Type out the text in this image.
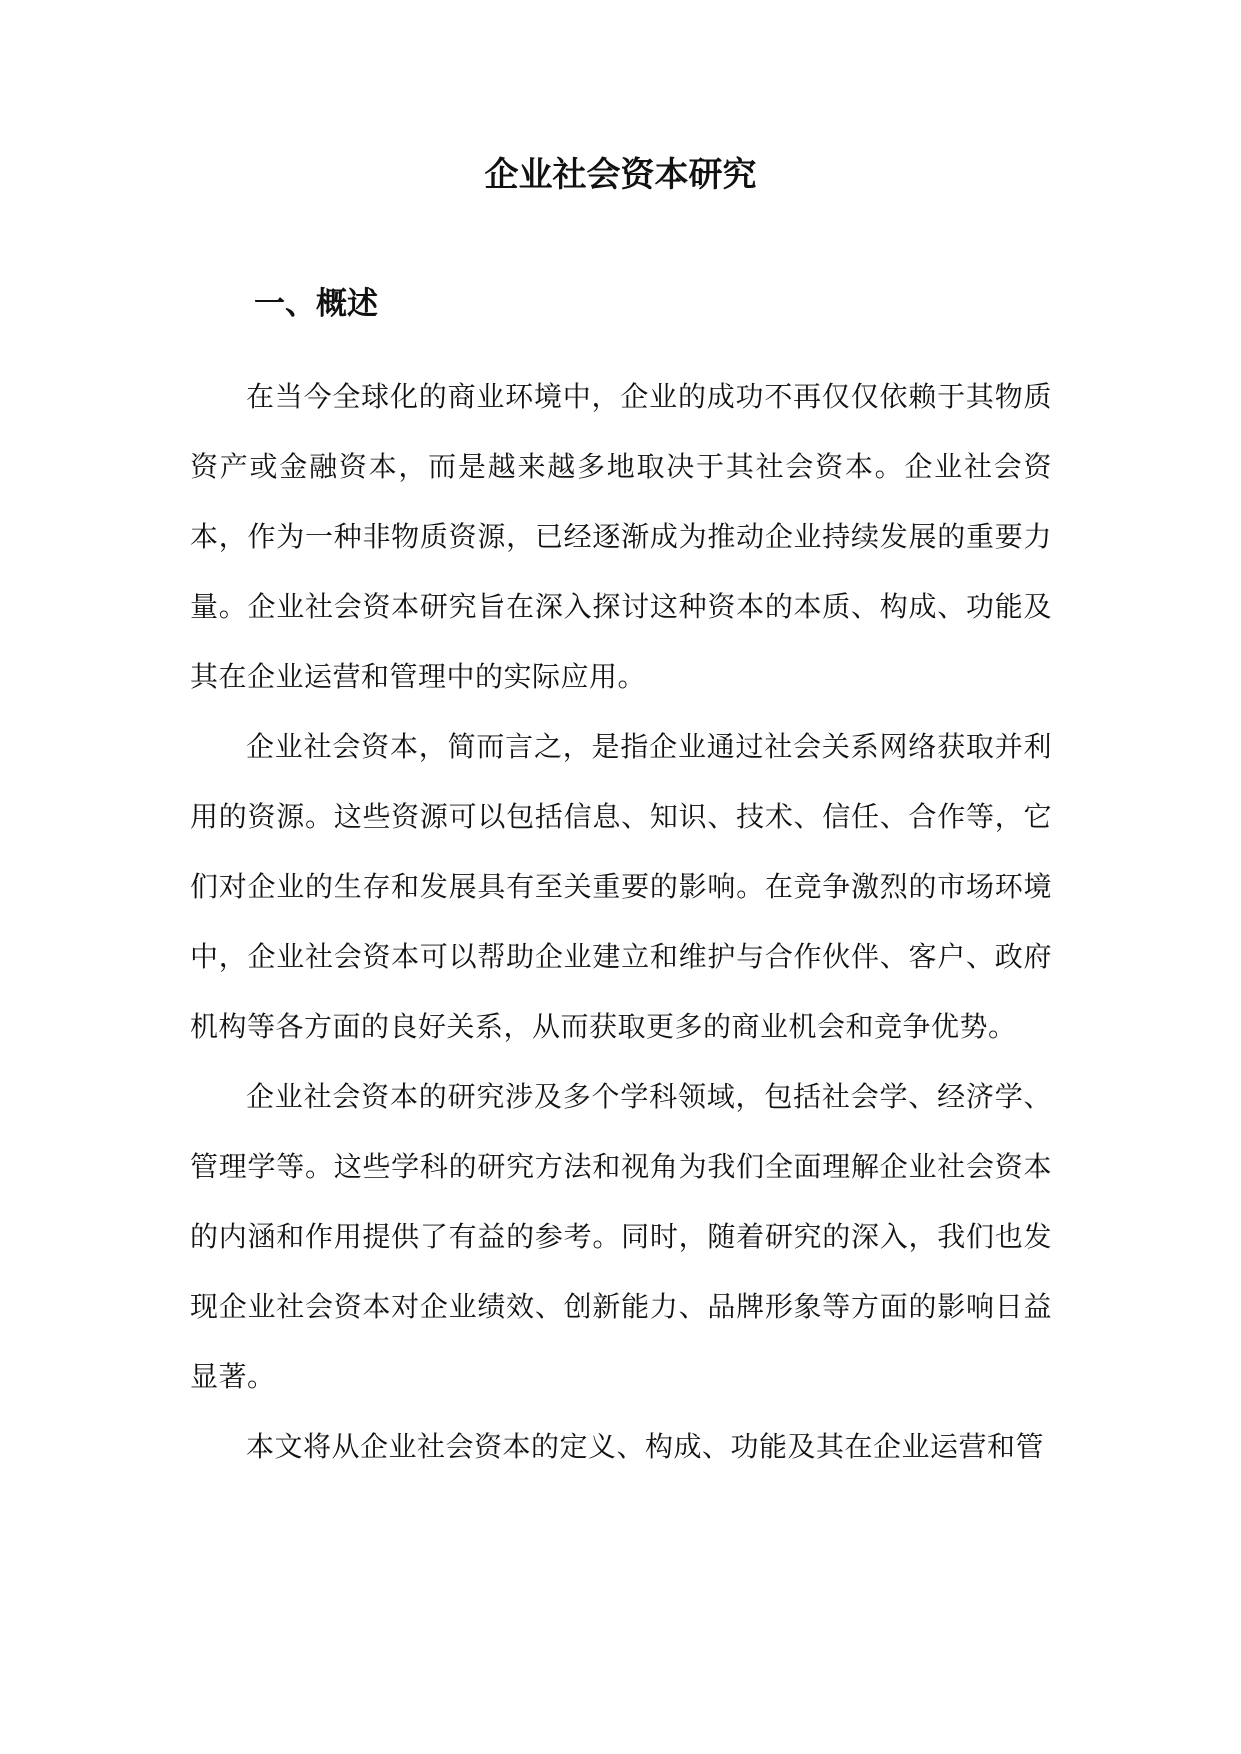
企业社会资本研究
一、概述

在当今全球化的商业环境中，企业的成功不再仅仅依赖于其物质资产或金融资本，而是越来越多地取决于其社会资本。企业社会资本，作为一种非物质资源，已经逐渐成为推动企业持续发展的重要力量。企业社会资本研究旨在深入探讨这种资本的本质、构成、功能及其在企业运营和管理中的实际应用。

企业社会资本，简而言之，是指企业通过社会关系网络获取并利用的资源。这些资源可以包括信息、知识、技术、信任、合作等，它们对企业的生存和发展具有至关重要的影响。在竞争激烈的市场环境中，企业社会资本可以帮助企业建立和维护与合作伙伴、客户、政府机构等各方面的良好关系，从而获取更多的商业机会和竞争优势。

企业社会资本的研究涉及多个学科领域，包括社会学、经济学、管理学等。这些学科的研究方法和视角为我们全面理解企业社会资本的内涵和作用提供了有益的参考。同时，随着研究的深入，我们也发现企业社会资本对企业绩效、创新能力、品牌形象等方面的影响日益显著。

本文将从企业社会资本的定义、构成、功能及其在企业运营和管
